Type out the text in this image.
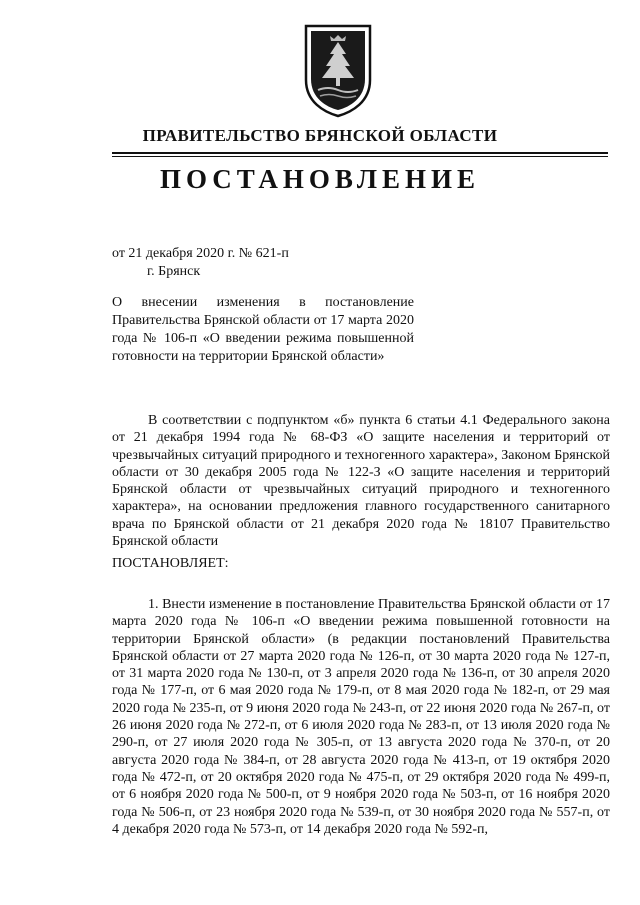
ПРАВИТЕЛЬСТВО БРЯНСКОЙ ОБЛАСТИ
ПОСТАНОВЛЕНИЕ
от 21 декабря 2020 г. № 621-п
г. Брянск
О внесении изменения в постановление Правительства Брянской области от 17 марта 2020 года № 106-п «О введении режима повышенной готовности на территории Брянской области»

В соответствии с подпунктом «б» пункта 6 статьи 4.1 Федерального закона от 21 декабря 1994 года № 68-ФЗ «О защите населения и территорий от чрезвычайных ситуаций природного и техногенного характера», Законом Брянской области от 30 декабря 2005 года № 122-З «О защите населения и территорий Брянской области от чрезвычайных ситуаций природного и техногенного характера», на основании предложения главного государственного санитарного врача по Брянской области от 21 декабря 2020 года № 18107 Правительство Брянской области

ПОСТАНОВЛЯЕТ:

1. Внести изменение в постановление Правительства Брянской области от 17 марта 2020 года № 106-п «О введении режима повышенной готовности на территории Брянской области» (в редакции постановлений Правительства Брянской области от 27 марта 2020 года № 126-п, от 30 марта 2020 года № 127-п, от 31 марта 2020 года № 130-п, от 3 апреля 2020 года № 136-п, от 30 апреля 2020 года № 177-п, от 6 мая 2020 года № 179-п, от 8 мая 2020 года № 182-п, от 29 мая 2020 года № 235-п, от 9 июня 2020 года № 243-п, от 22 июня 2020 года № 267-п, от 26 июня 2020 года № 272-п, от 6 июля 2020 года № 283-п, от 13 июля 2020 года № 290-п, от 27 июля 2020 года № 305-п, от 13 августа 2020 года № 370-п, от 20 августа 2020 года № 384-п, от 28 августа 2020 года № 413-п, от 19 октября 2020 года № 472-п, от 20 октября 2020 года № 475-п, от 29 октября 2020 года № 499-п, от 6 ноября 2020 года № 500-п, от 9 ноября 2020 года № 503-п, от 16 ноября 2020 года № 506-п, от 23 ноября 2020 года № 539-п, от 30 ноября 2020 года № 557-п, от 4 декабря 2020 года № 573-п, от 14 декабря 2020 года № 592-п,
